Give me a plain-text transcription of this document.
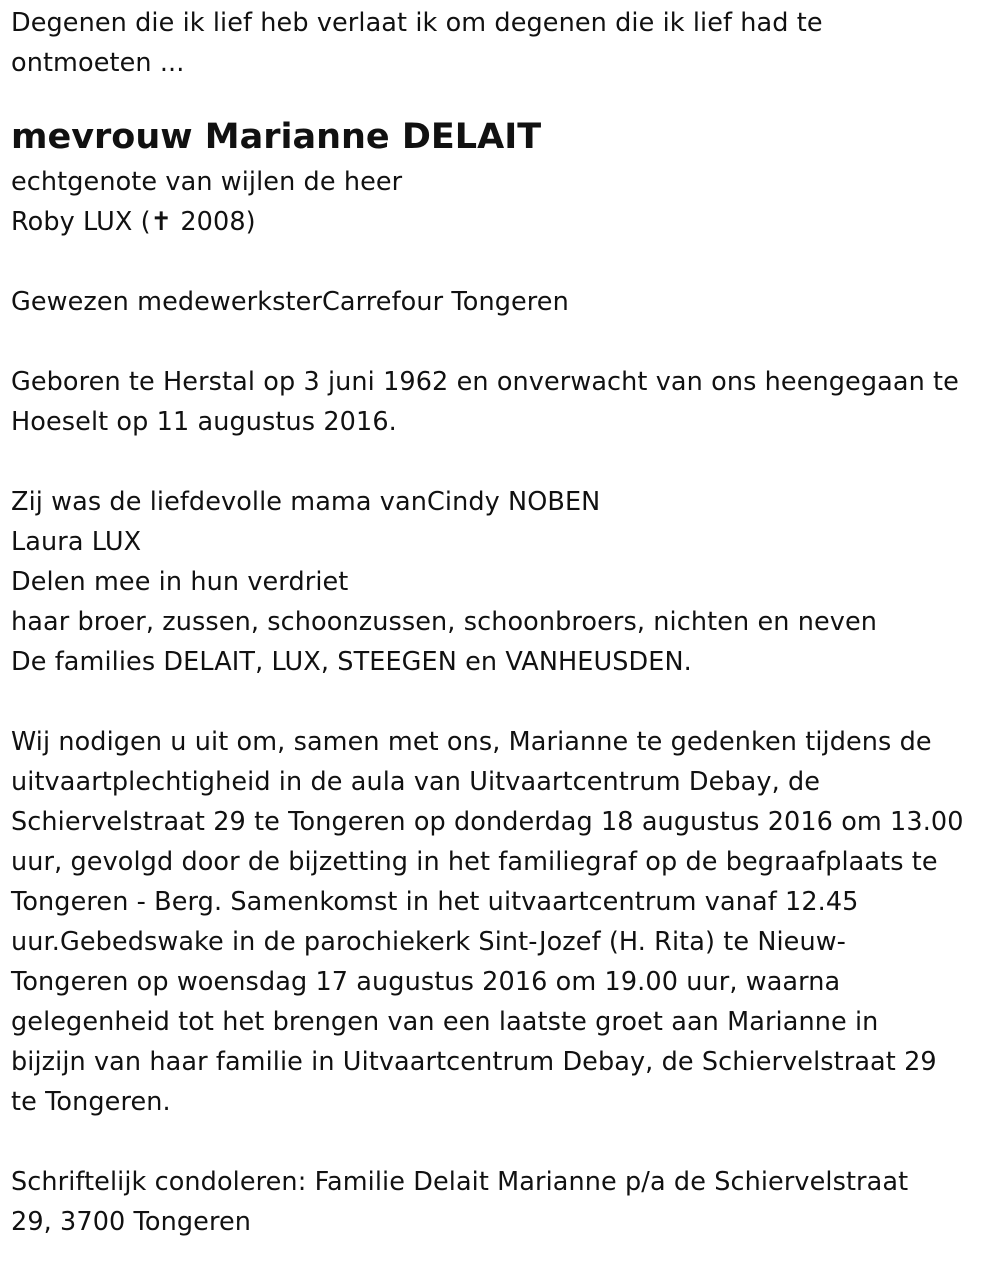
Degenen die ik lief heb verlaat ik om degenen die ik lief had te
ontmoeten ...
mevrouw Marianne DELAIT
echtgenote van wijlen de heer
Roby LUX (✝ 2008)
Gewezen medewerksterCarrefour Tongeren
Geboren te Herstal op 3 juni 1962 en onverwacht van ons heengegaan te
Hoeselt op 11 augustus 2016.
Zij was de liefdevolle mama vanCindy NOBEN
Laura LUX
Delen mee in hun verdriet
haar broer, zussen, schoonzussen, schoonbroers, nichten en neven
De families DELAIT, LUX, STEEGEN en VANHEUSDEN.
Wij nodigen u uit om, samen met ons, Marianne te gedenken tijdens de
uitvaartplechtigheid in de aula van Uitvaartcentrum Debay, de
Schiervelstraat 29 te Tongeren op donderdag 18 augustus 2016 om 13.00
uur, gevolgd door de bijzetting in het familiegraf op de begraafplaats te
Tongeren - Berg. Samenkomst in het uitvaartcentrum vanaf 12.45
uur.Gebedswake in de parochiekerk Sint-Jozef (H. Rita) te Nieuw-
Tongeren op woensdag 17 augustus 2016 om 19.00 uur, waarna
gelegenheid tot het brengen van een laatste groet aan Marianne in
bijzijn van haar familie in Uitvaartcentrum Debay, de Schiervelstraat 29
te Tongeren.
Schriftelijk condoleren: Familie Delait Marianne p/a de Schiervelstraat
29, 3700 Tongeren
